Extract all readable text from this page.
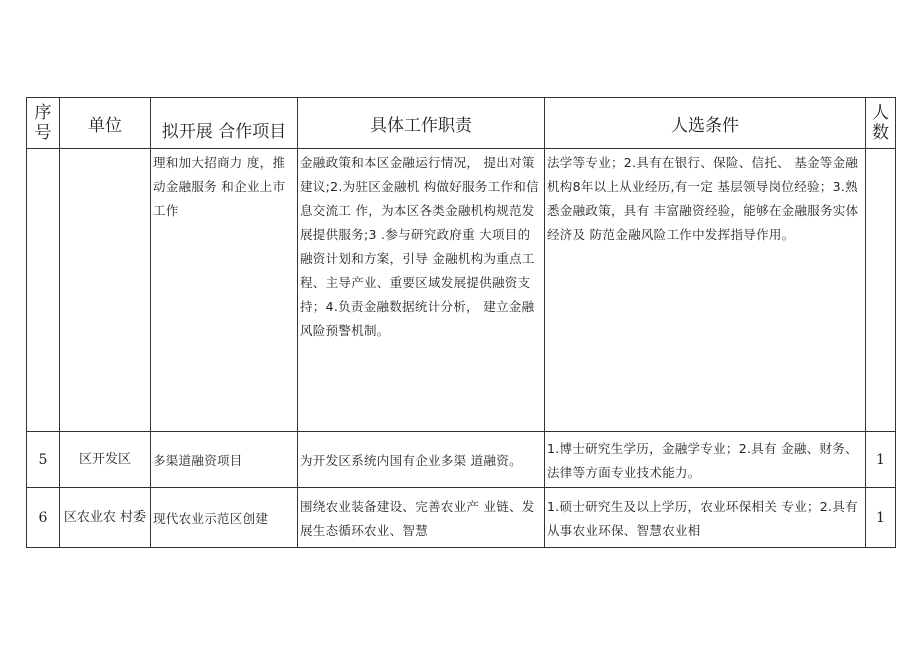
序号	单位	拟开展 合作项目	具体工作职责	人选条件	人数
		理和加大招商力 度，推动金融服务 和企业上市工作	金融政策和本区金融运行情况， 提出对策建议;2.为驻区金融机 构做好服务工作和信息交流工 作，为本区各类金融机构规范发 展提供服务;3 .参与研究政府重 大项目的融资计划和方案，引导 金融机构为重点工程、主导产业、重要区域发展提供融资支 持；4.负责金融数据统计分析， 建立金融风险预警机制。	法学等专业；2.具有在银行、保险、信托、 基金等金融机构8年以上从业经历,有一定 基层领导岗位经验；3.熟悉金融政策，具有 丰富融资经验，能够在金融服务实体经济及 防范金融风险工作中发挥指导作用。	
5	区开发区	多渠道融资项目	为开发区系统内国有企业多渠 道融资。	1.博士研究生学历，金融学专业；2.具有 金融、财务、法律等方面专业技术能力。	1
6	区农业农 村委	现代农业示范区创建	围绕农业装备建设、完善农业产 业链、发展生态循环农业、智慧	1.硕士研究生及以上学历，农业环保相关 专业；2.具有从事农业环保、智慧农业相	1
